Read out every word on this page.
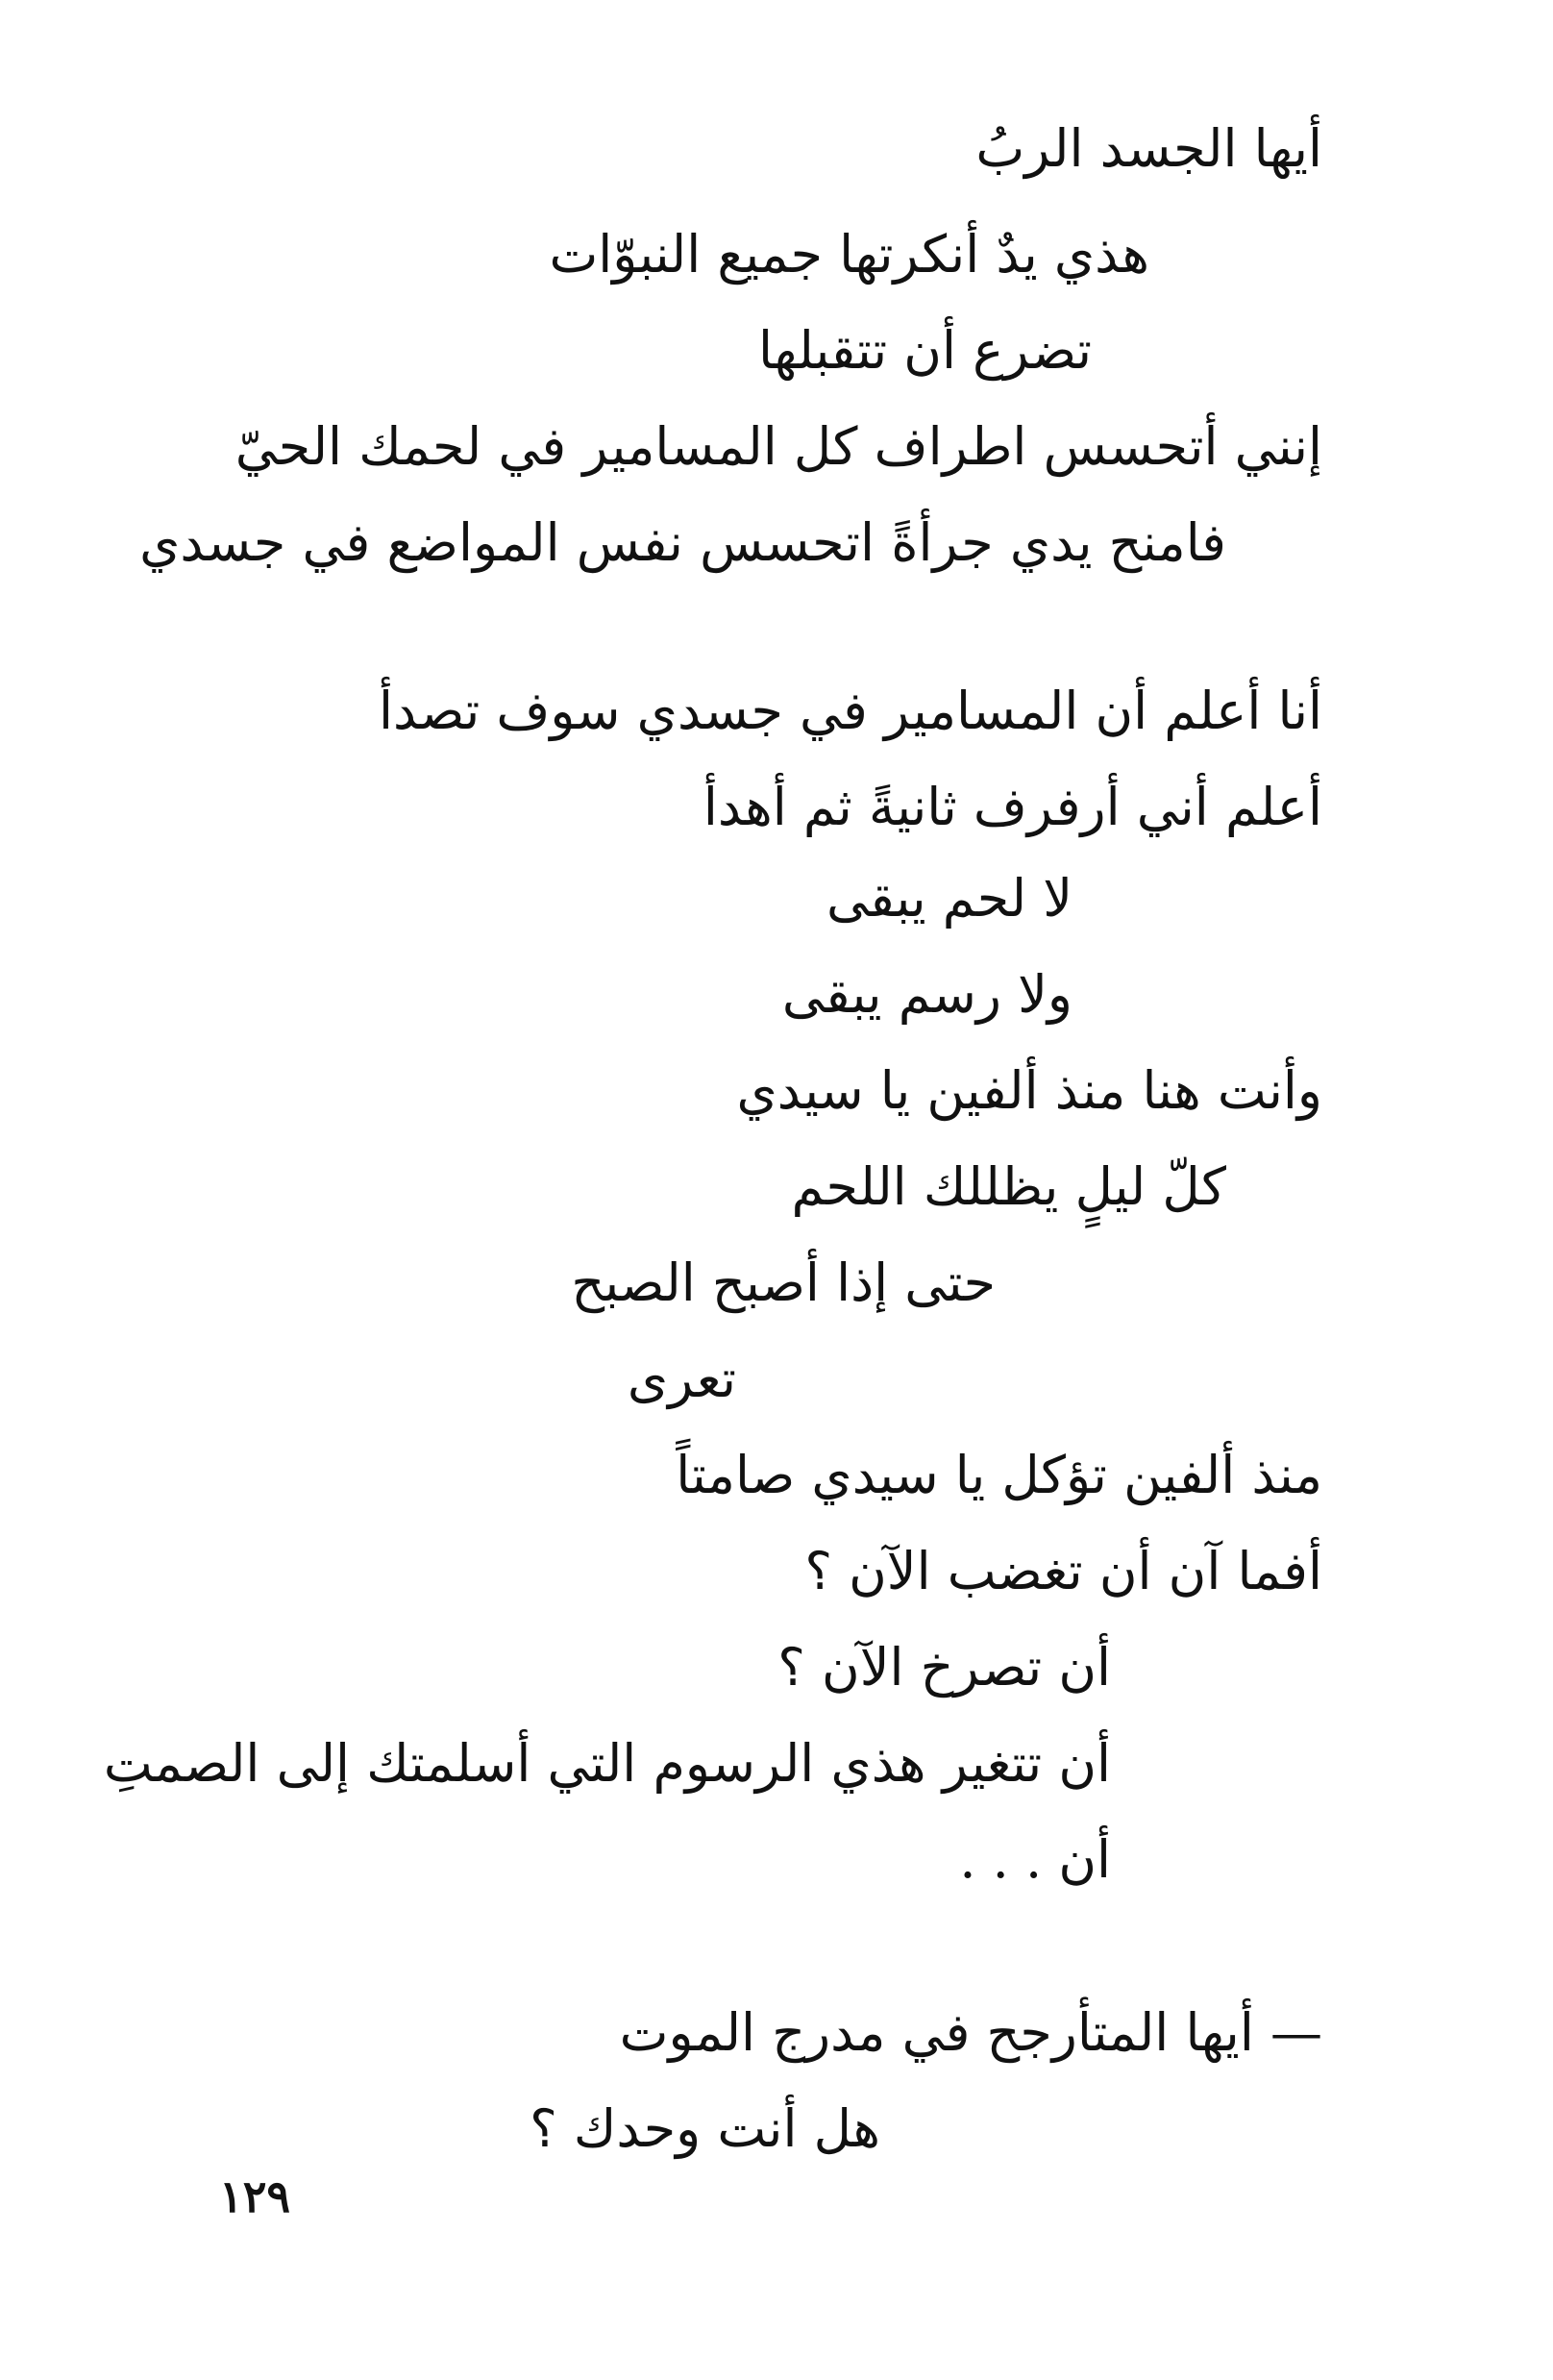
أيها الجسد الربُ
هذي يدٌ أنكرتها جميع النبوّات
تضرع أن تتقبلها
إنني أتحسس اطراف كل المسامير في لحمك الحيّ
فامنح يدي جرأةً اتحسس نفس المواضع في جسدي
أنا أعلم أن المسامير في جسدي سوف تصدأ
أعلم أني أرفرف ثانيةً ثم أهدأ
لا لحم يبقى
ولا رسم يبقى
وأنت هنا منذ ألفين يا سيدي
كلّ ليلٍ يظللك اللحم
حتى إذا أصبح الصبح
تعرى
منذ ألفين تؤكل يا سيدي صامتاً
أفما آن أن تغضب الآن ؟
أن تصرخ الآن ؟
أن تتغير هذي الرسوم التي أسلمتك إلى الصمتِ
أن . . .
— أيها المتأرجح في مدرج الموت
هل أنت وحدك ؟
١٢٩
